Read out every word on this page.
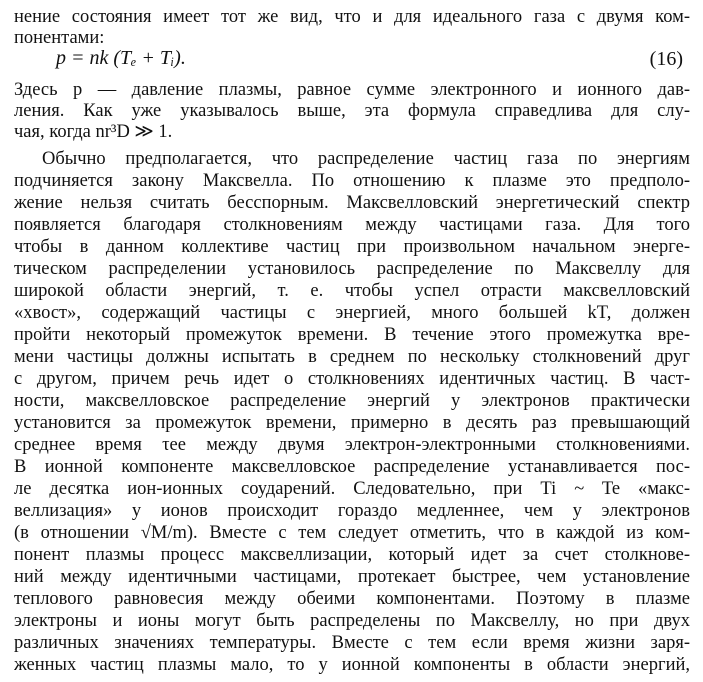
нение состояния имеет тот же вид, что и для идеального газа с двумя ком-
понентами:
p = nk (Tₑ + Tᵢ).	(16)
Здесь p — давление плазмы, равное сумме электронного и ионного дав-
ления. Как уже указывалось выше, эта формула справедлива для слу-
чая, когда nr³D ≫ 1.
Обычно предполагается, что распределение частиц газа по энергиям
подчиняется закону Максвелла. По отношению к плазме это предполо-
жение нельзя считать бесспорным. Максвелловский энергетический спектр
появляется благодаря столкновениям между частицами газа. Для того
чтобы в данном коллективе частиц при произвольном начальном энерге-
тическом распределении установилось распределение по Максвеллу для
широкой области энергий, т. е. чтобы успел отрасти максвелловский
«хвост», содержащий частицы с энергией, много большей kT, должен
пройти некоторый промежуток времени. В течение этого промежутка вре-
мени частицы должны испытать в среднем по нескольку столкновений друг
с другом, причем речь идет о столкновениях идентичных частиц. В част-
ности, максвелловское распределение энергий у электронов практически
установится за промежуток времени, примерно в десять раз превышающий
среднее время τee между двумя электрон-электронными столкновениями.
В ионной компоненте максвелловское распределение устанавливается пос-
ле десятка ион-ионных соударений. Следовательно, при Ti ~ Te «макс-
веллизация» у ионов происходит гораздо медленнее, чем у электронов
(в отношении √M/m). Вместе с тем следует отметить, что в каждой из ком-
понент плазмы процесс максвеллизации, который идет за счет столкнове-
ний между идентичными частицами, протекает быстрее, чем установление
теплового равновесия между обеими компонентами. Поэтому в плазме
электроны и ионы могут быть распределены по Максвеллу, но при двух
различных значениях температуры. Вместе с тем если время жизни заря-
женных частиц плазмы мало, то у ионной компоненты в области энергий,
